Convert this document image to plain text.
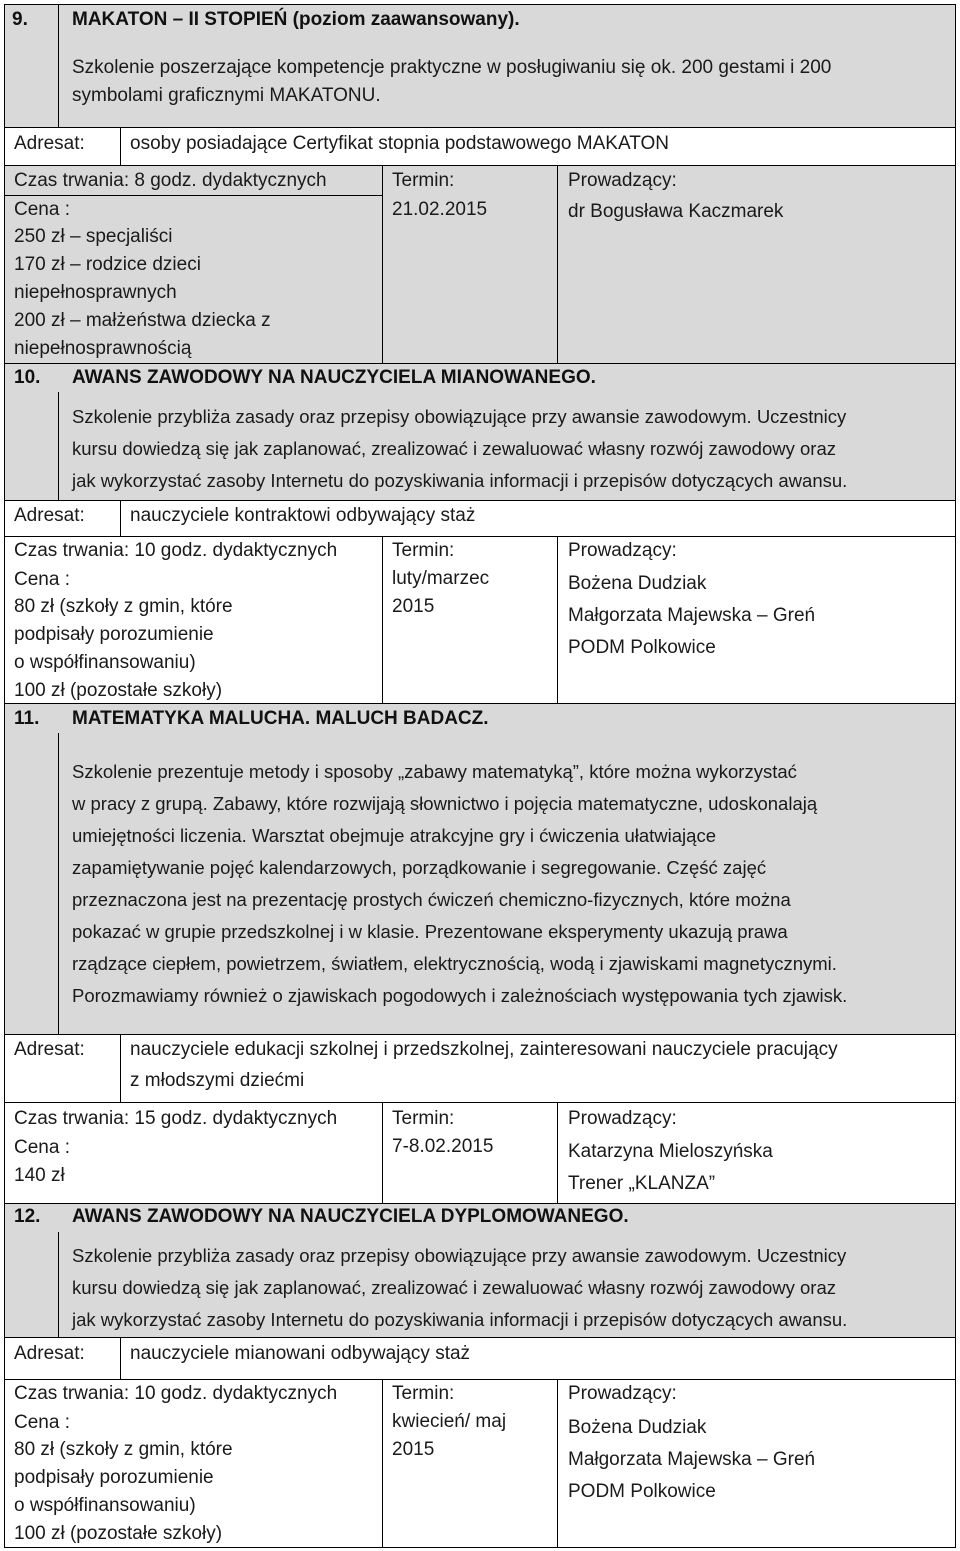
9. MAKATON – II STOPIEŃ (poziom zaawansowany).
Szkolenie poszerzające kompetencje praktyczne w posługiwaniu się ok. 200 gestami i 200
symbolami graficznymi MAKATONU.
Adresat: osoby posiadające Certyfikat stopnia podstawowego MAKATON
Czas trwania: 8 godz. dydaktycznych
Cena :
250 zł – specjaliści
170 zł – rodzice dzieci
niepełnosprawnych
200 zł – małżeństwa dziecka z
niepełnosprawnością
Termin:
21.02.2015
Prowadzący:
dr Bogusława Kaczmarek
10. AWANS ZAWODOWY NA NAUCZYCIELA MIANOWANEGO.
Szkolenie przybliża zasady oraz przepisy obowiązujące przy awansie zawodowym. Uczestnicy
kursu dowiedzą się jak zaplanować, zrealizować i zewaluować własny rozwój zawodowy oraz
jak wykorzystać zasoby Internetu do pozyskiwania informacji i przepisów dotyczących awansu.
Adresat: nauczyciele kontraktowi odbywający staż
Czas trwania: 10 godz. dydaktycznych
Cena :
80 zł (szkoły z gmin, które
podpisały porozumienie
o współfinansowaniu)
100 zł (pozostałe szkoły)
Termin:
luty/marzec
2015
Prowadzący:
Bożena Dudziak
Małgorzata Majewska – Greń
PODM Polkowice
11. MATEMATYKA MALUCHA. MALUCH BADACZ.
Szkolenie prezentuje metody i sposoby „zabawy matematyką”, które można wykorzystać
w pracy z grupą. Zabawy, które rozwijają słownictwo i pojęcia matematyczne, udoskonalają
umiejętności liczenia. Warsztat obejmuje atrakcyjne gry i ćwiczenia ułatwiające
zapamiętywanie pojęć kalendarzowych, porządkowanie i segregowanie. Część zajęć
przeznaczona jest na prezentację prostych ćwiczeń chemiczno-fizycznych, które można
pokazać w grupie przedszkolnej i w klasie. Prezentowane eksperymenty ukazują prawa
rządzące ciepłem, powietrzem, światłem, elektrycznością, wodą i zjawiskami magnetycznymi.
Porozmawiamy również o zjawiskach pogodowych i zależnościach występowania tych zjawisk.
Adresat: nauczyciele edukacji szkolnej i przedszkolnej, zainteresowani nauczyciele pracujący
z młodszymi dziećmi
Czas trwania: 15 godz. dydaktycznych
Cena :
140 zł
Termin:
7-8.02.2015
Prowadzący:
Katarzyna Mieloszyńska
Trener „KLANZA”
12. AWANS ZAWODOWY NA NAUCZYCIELA DYPLOMOWANEGO.
Szkolenie przybliża zasady oraz przepisy obowiązujące przy awansie zawodowym. Uczestnicy
kursu dowiedzą się jak zaplanować, zrealizować i zewaluować własny rozwój zawodowy oraz
jak wykorzystać zasoby Internetu do pozyskiwania informacji i przepisów dotyczących awansu.
Adresat: nauczyciele mianowani odbywający staż
Czas trwania: 10 godz. dydaktycznych
Cena :
80 zł (szkoły z gmin, które
podpisały porozumienie
o współfinansowaniu)
100 zł (pozostałe szkoły)
Termin:
kwiecień/ maj
2015
Prowadzący:
Bożena Dudziak
Małgorzata Majewska – Greń
PODM Polkowice
